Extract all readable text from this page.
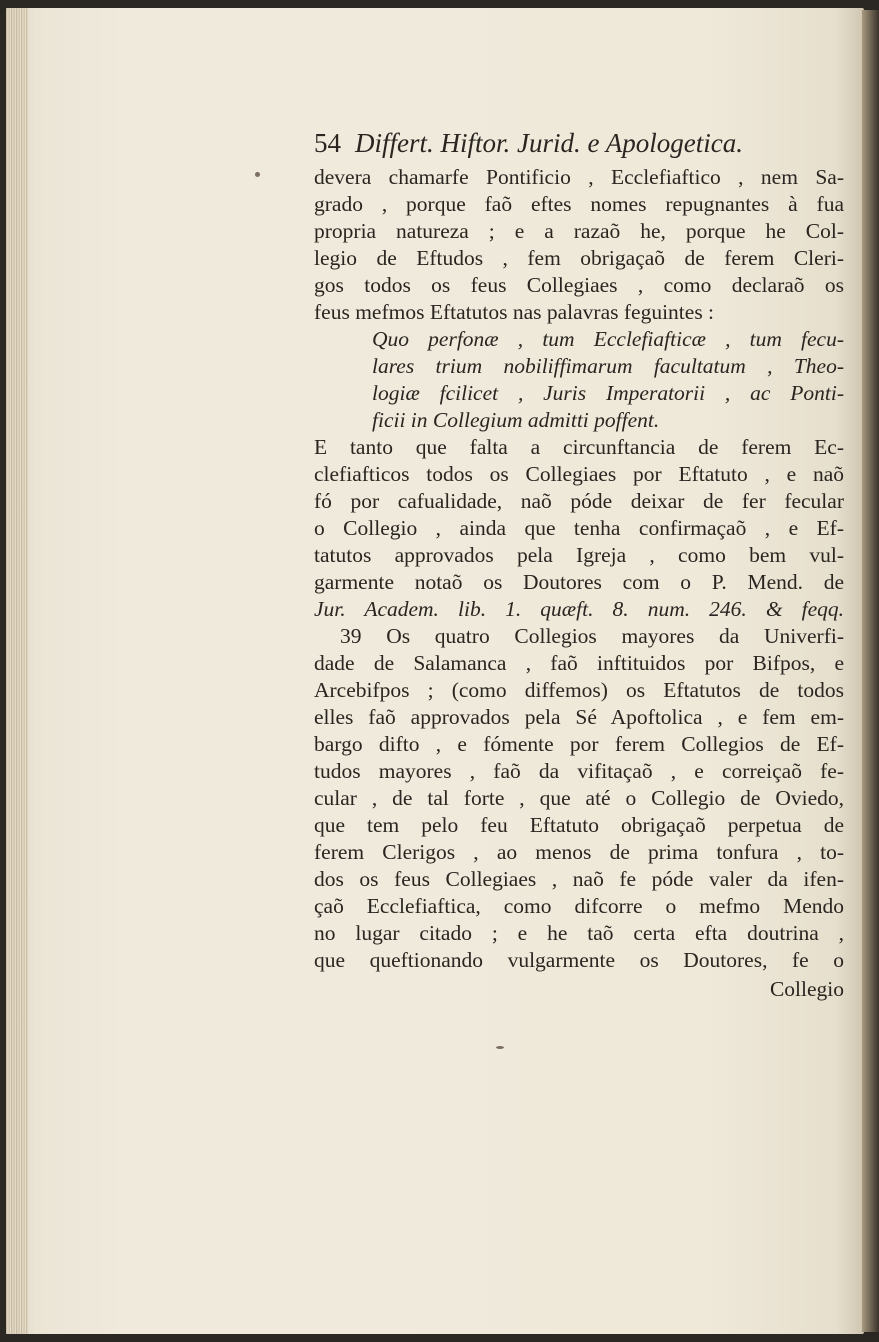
54 Differt. Hiftor. Jurid. e Apologetica.
devera chamarfe Pontificio , Ecclefiaftico , nem Sa-
grado , porque faõ eftes nomes repugnantes à fua
propria natureza ; e a razaõ he, porque he Col-
legio de Eftudos , fem obrigaçaõ de ferem Cleri-
gos todos os feus Collegiaes , como declaraõ os
feus mefmos Eftatutos nas palavras feguintes :
Quo perfonæ , tum Ecclefiafticæ , tum fecu-
lares trium nobiliffimarum facultatum , Theo-
logiæ fcilicet , Juris Imperatorii , ac Ponti-
ficii in Collegium admitti poffent.
E tanto que falta a circunftancia de ferem Ec-
clefiafticos todos os Collegiaes por Eftatuto , e naõ
fó por cafualidade, naõ póde deixar de fer fecular
o Collegio , ainda que tenha confirmaçaõ , e Ef-
tatutos approvados pela Igreja , como bem vul-
garmente notaõ os Doutores com o P. Mend. de
Jur. Academ. lib. 1. quæft. 8. num. 246. & feqq.
39 Os quatro Collegios mayores da Univerfi-
dade de Salamanca , faõ inftituidos por Bifpos, e
Arcebifpos ; (como diffemos) os Eftatutos de todos
elles faõ approvados pela Sé Apoftolica , e fem em-
bargo difto , e fómente por ferem Collegios de Ef-
tudos mayores , faõ da vifitaçaõ , e correiçaõ fe-
cular , de tal forte , que até o Collegio de Oviedo,
que tem pelo feu Eftatuto obrigaçaõ perpetua de
ferem Clerigos , ao menos de prima tonfura , to-
dos os feus Collegiaes , naõ fe póde valer da ifen-
çaõ Ecclefiaftica, como difcorre o mefmo Mendo
no lugar citado ; e he taõ certa efta doutrina ,
que queftionando vulgarmente os Doutores, fe o
Collegio
